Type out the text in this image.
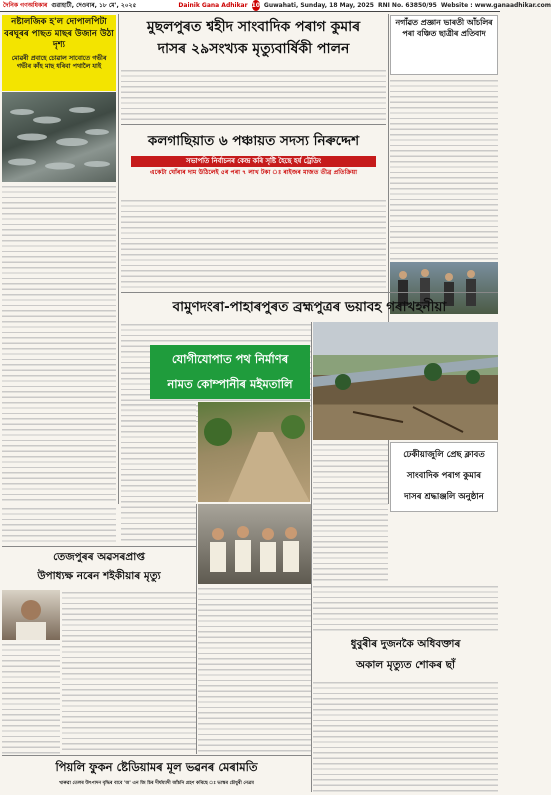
দৈনিক গণঅধিকাৰ গুৱাহাটী, দেওবাৰ, ১৮ মে', ২০২৫	Dainik Gana Adhikar 10 Guwahati, Sunday, 18 May, 2025 RNI No. 63850/95 Website : www.ganaadhikar.com
নষ্টালজিক হ'ল দোপালপিটা বৰঘূৰৰ পাছত মাছৰ উজান উঠা দৃশ্য
মোৱৰী প্ৰবাহে চোৱাল সাবোতে গভীৰ গভীৰ কাঁহ মাছ ধৰিবা পথালৈ যাই
মুছলপুৰত শ্বহীদ সাংবাদিক পৰাগ কুমাৰ
দাসৰ ২৯সংখ্যক মৃত্যুবাৰ্ষিকী পালন
নগাঁৱত প্ৰজ্ঞান ভাৰতী আঁচলিৰ পৰা বঞ্চিত ছাত্ৰীৰ প্ৰতিবাদ
কলগাছিয়াত ৬ পঞ্চায়ত সদস্য নিৰুদ্দেশ
সভাপতি নিৰ্বাচনৰ কেন্দ্ৰ কৰি সৃষ্টি হৈছে হৰ্ষ ট্ৰেডিং
একেটা ঘোঁৰাৰ দাম উঠিলেই ৫ৰ পৰা ৭ লাখ টকা ঃ ৰাইজৰ মাজত তীব্ৰ প্ৰতিক্ৰিয়া
বামুণদংৰা-পাহাৰপুৰত ব্ৰহ্মপুত্ৰৰ ভয়াবহ গৰাখহনীয়া
যোগীযোপাত পথ নিৰ্মাণৰ
নামত কোম্পানীৰ মইমতালি
ঢেকীয়াজুলি প্ৰেছ ক্লাবত
সাংবাদিক পৰাগ কুমাৰ
দাসৰ শ্ৰদ্ধাঞ্জলি অনুষ্ঠান
তেজপুৰৰ অৱসৰপ্ৰাপ্ত
উপাধ্যক্ষ নৰেন শইকীয়াৰ মৃত্যু
ধুবুৰীৰ দুজনকৈ অধিবক্তাৰ
অকাল মৃত্যুত শোকৰ ছাঁ
পিয়লি ফুকন ষ্টেডিয়ামৰ মূল ভৱনৰ মেৰামতি
খাৰুৱা তেলৰ উৎপাদন বৃদ্ধিৰ বাবে 'অ' এন জি চিৰ দীৰ্ঘম্যাদী আঁচনি গ্ৰহণ কৰিছে ঃ ভাস্কৰ চৌধুৰী নেত্ৰম
